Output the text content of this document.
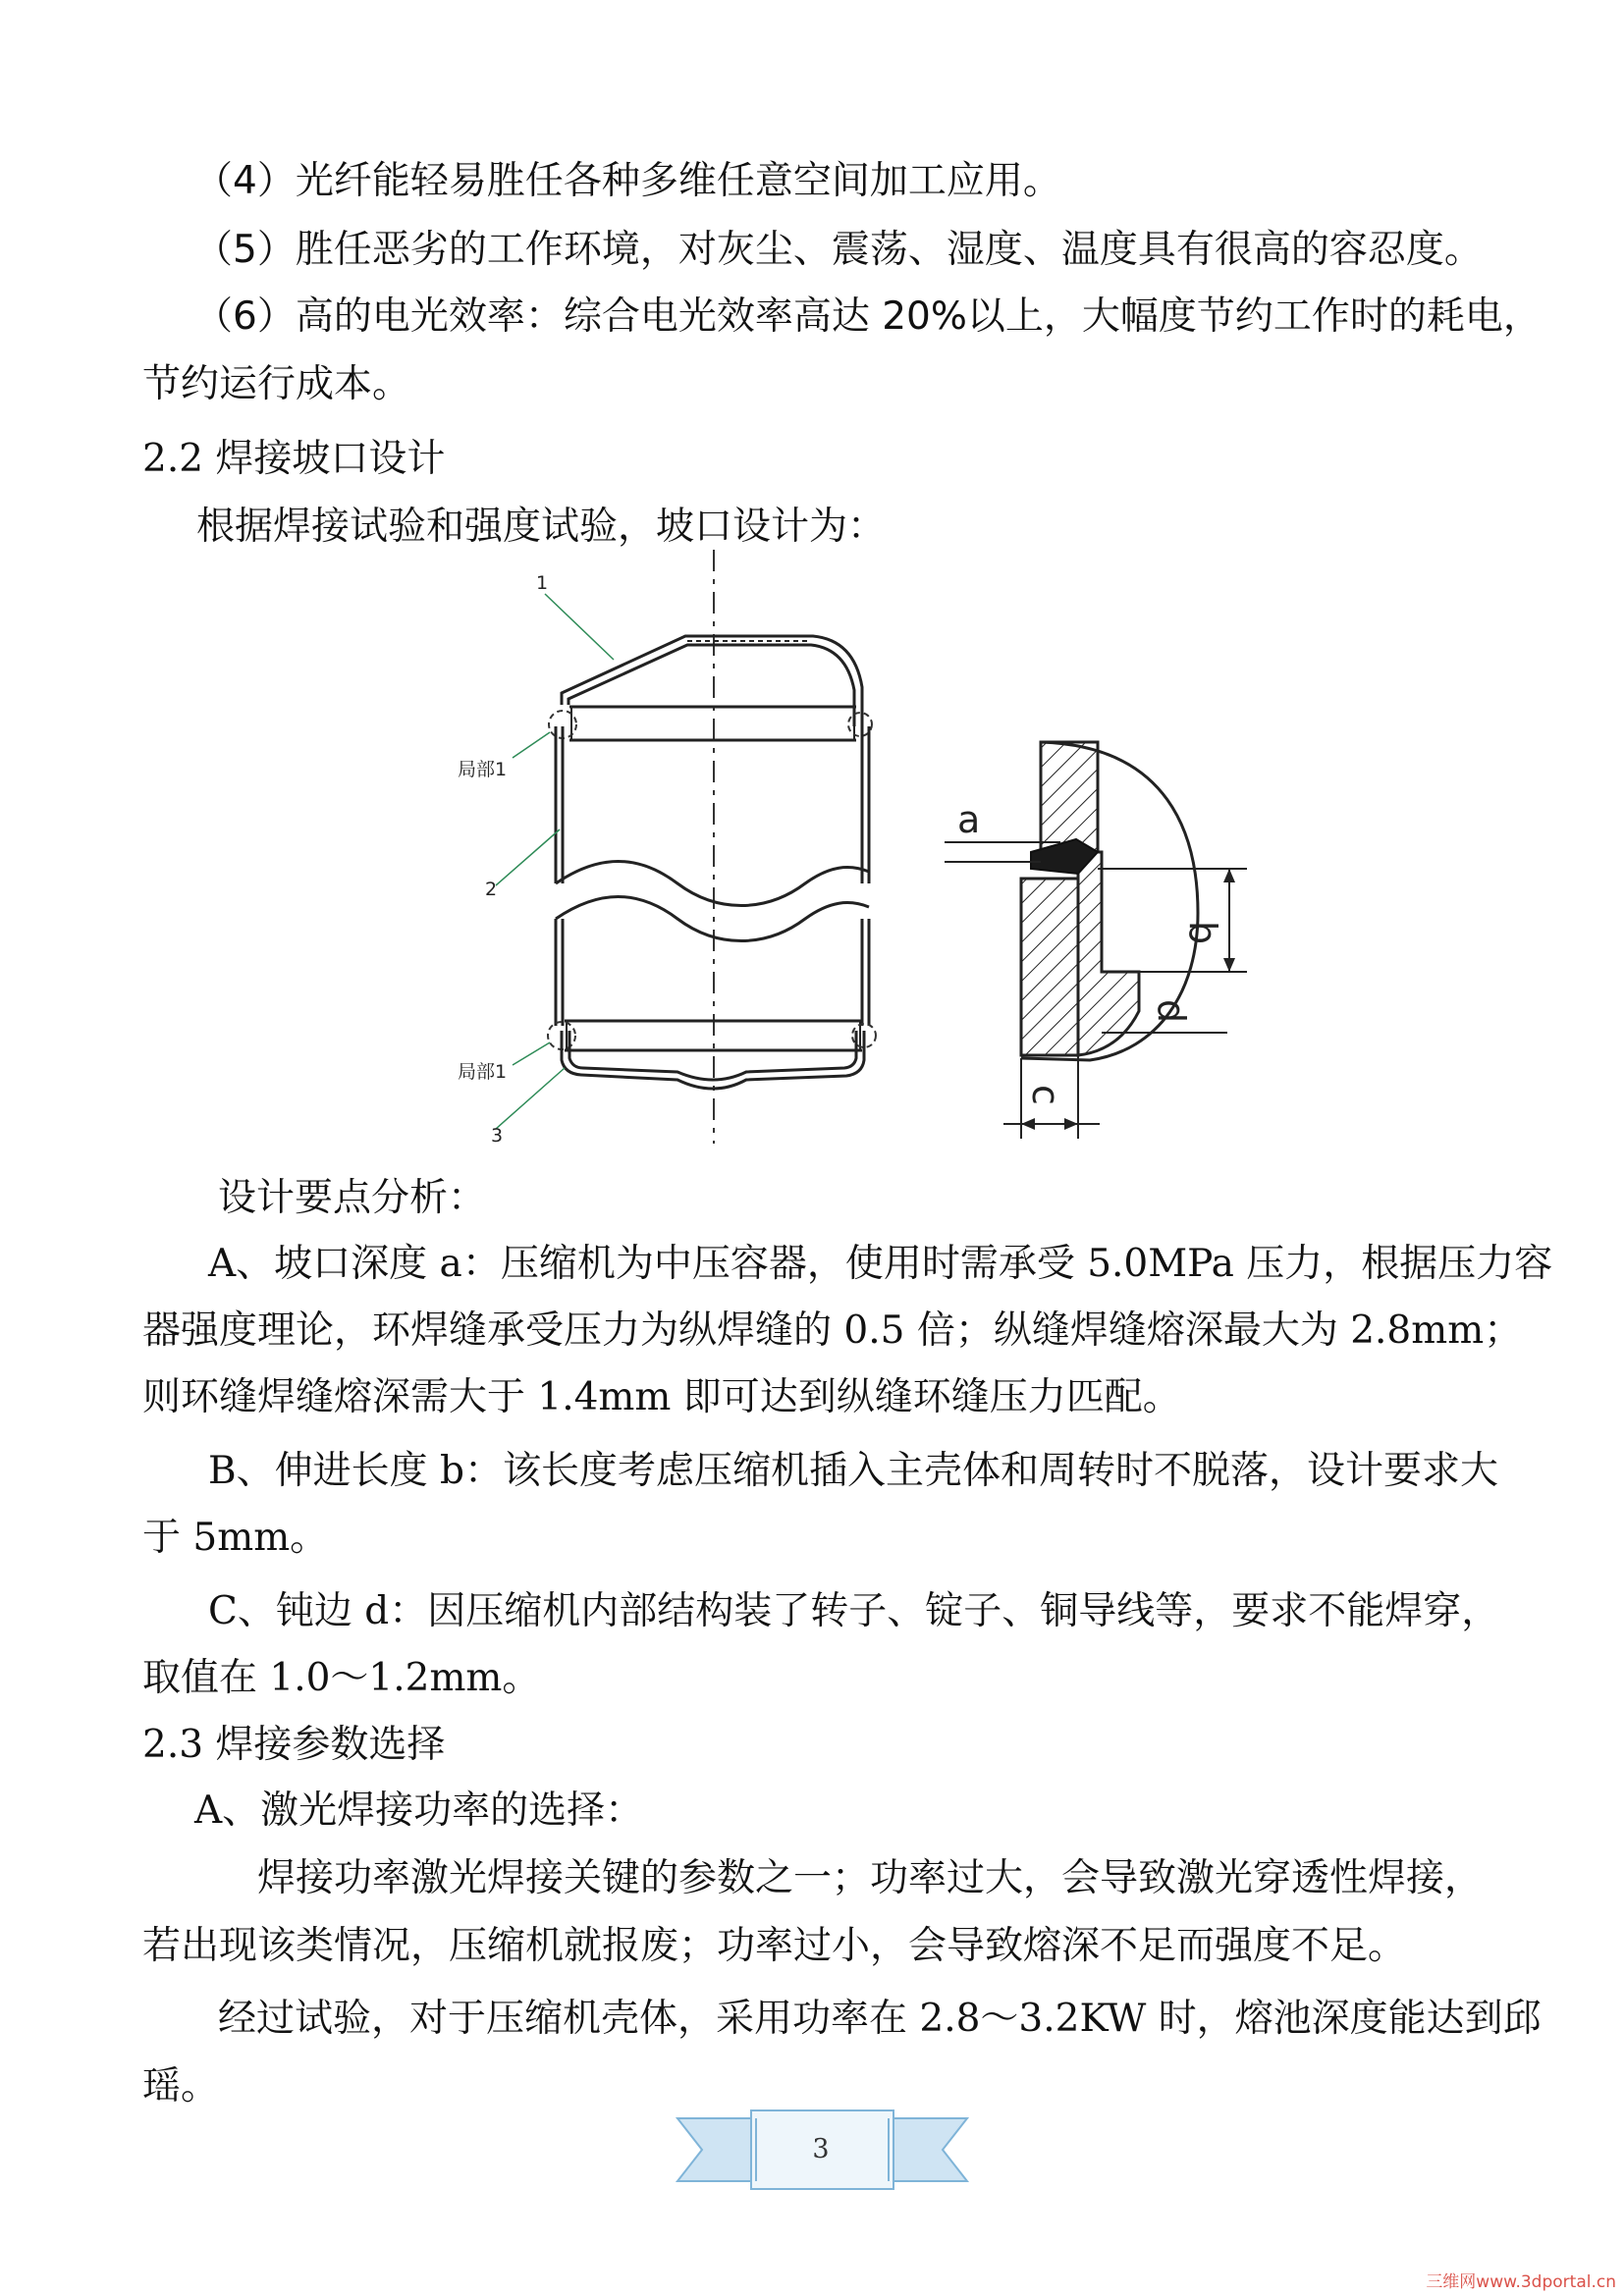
（4）光纤能轻易胜任各种多维任意空间加工应用。
（5）胜任恶劣的工作环境，对灰尘、震荡、湿度、温度具有很高的容忍度。
（6）高的电光效率：综合电光效率高达 20%以上，大幅度节约工作时的耗电，
节约运行成本。
2.2 焊接坡口设计
根据焊接试验和强度试验，坡口设计为：
1
2
3
局部1
局部1
a
b
d
c
设计要点分析：
A、坡口深度 a：压缩机为中压容器，使用时需承受 5.0MPa 压力，根据压力容
器强度理论，环焊缝承受压力为纵焊缝的 0.5 倍；纵缝焊缝熔深最大为 2.8mm；
则环缝焊缝熔深需大于 1.4mm 即可达到纵缝环缝压力匹配。
B、伸进长度 b：该长度考虑压缩机插入主壳体和周转时不脱落，设计要求大
于 5mm。
C、钝边 d：因压缩机内部结构装了转子、锭子、铜导线等，要求不能焊穿，
取值在 1.0～1.2mm。
2.3 焊接参数选择
A、激光焊接功率的选择：
焊接功率激光焊接关键的参数之一；功率过大，会导致激光穿透性焊接，
若出现该类情况，压缩机就报废；功率过小，会导致熔深不足而强度不足。
经过试验，对于压缩机壳体，采用功率在 2.8～3.2KW 时，熔池深度能达到邱
瑶。
3
三维网www.3dportal.cn
